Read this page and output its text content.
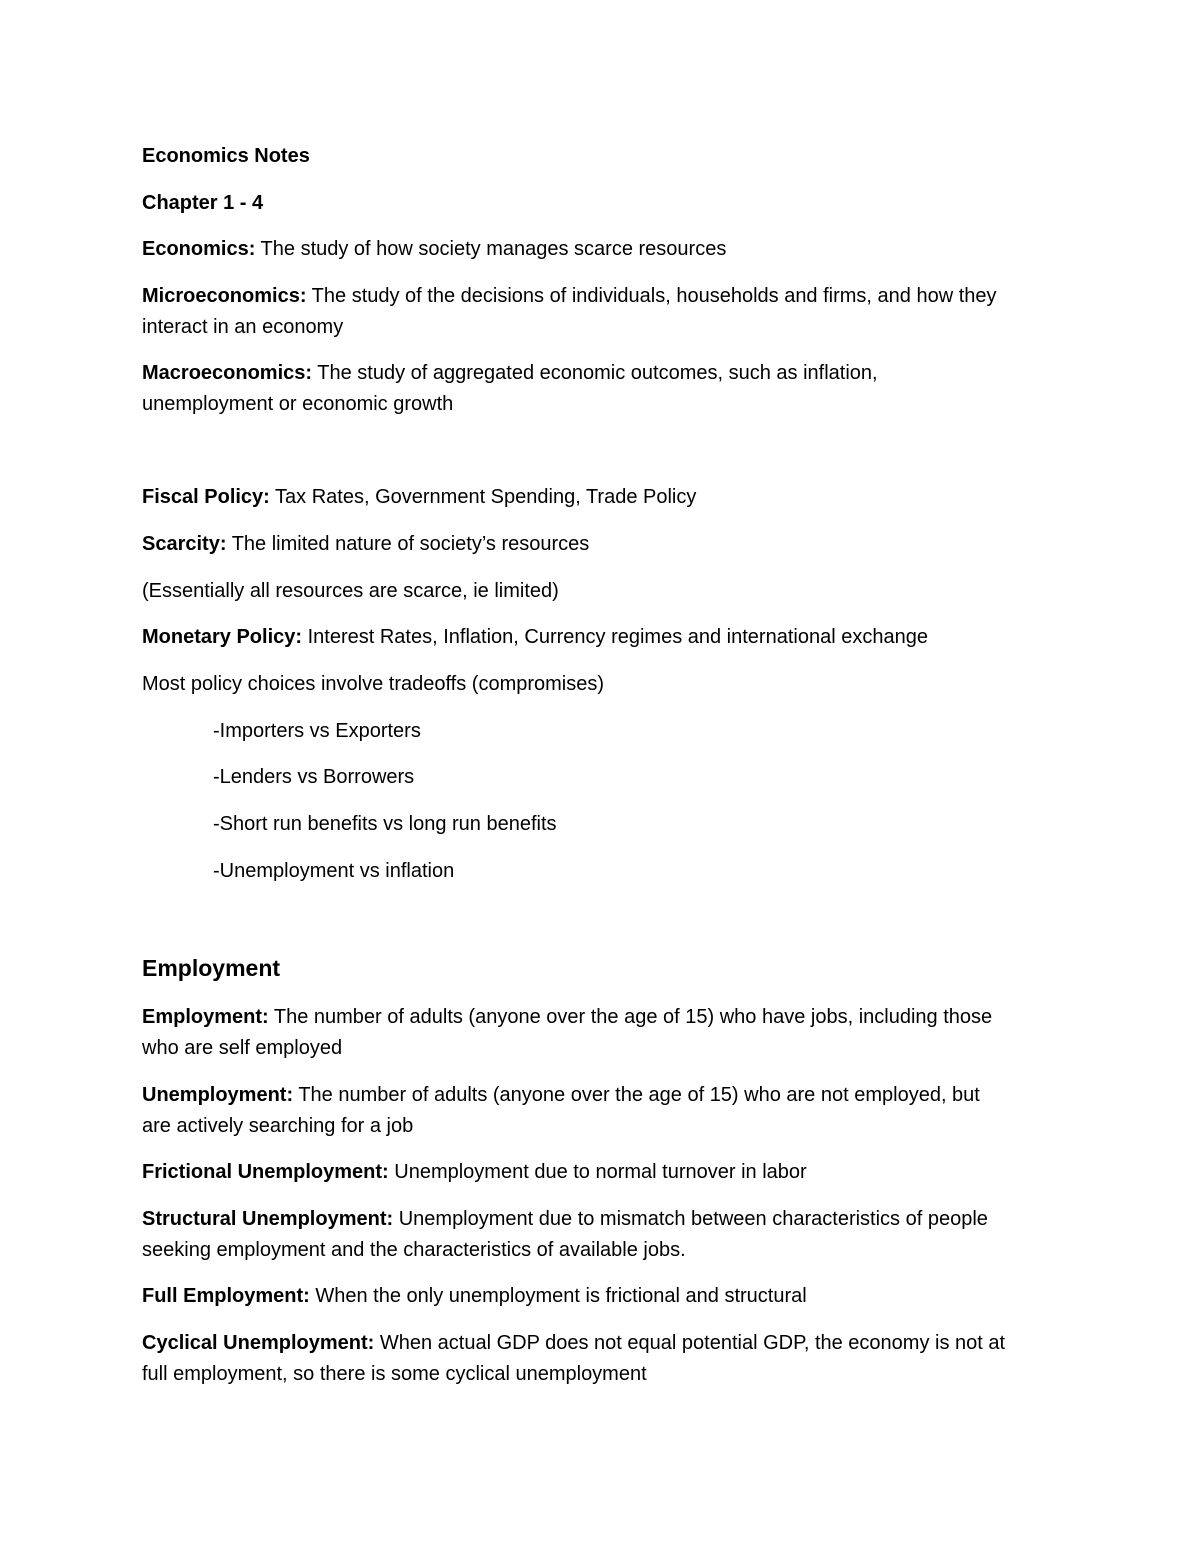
Economics Notes
Chapter 1 - 4
Economics: The study of how society manages scarce resources
Microeconomics: The study of the decisions of individuals, households and firms, and how they
interact in an economy
Macroeconomics: The study of aggregated economic outcomes, such as inflation,
unemployment or economic growth
Fiscal Policy: Tax Rates, Government Spending, Trade Policy
Scarcity: The limited nature of society’s resources
(Essentially all resources are scarce, ie limited)
Monetary Policy: Interest Rates, Inflation, Currency regimes and international exchange
Most policy choices involve tradeoffs (compromises)
-Importers vs Exporters
-Lenders vs Borrowers
-Short run benefits vs long run benefits
-Unemployment vs inflation
Employment
Employment: The number of adults (anyone over the age of 15) who have jobs, including those
who are self employed
Unemployment: The number of adults (anyone over the age of 15) who are not employed, but
are actively searching for a job
Frictional Unemployment: Unemployment due to normal turnover in labor
Structural Unemployment: Unemployment due to mismatch between characteristics of people
seeking employment and the characteristics of available jobs.
Full Employment: When the only unemployment is frictional and structural
Cyclical Unemployment: When actual GDP does not equal potential GDP, the economy is not at
full employment, so there is some cyclical unemployment
